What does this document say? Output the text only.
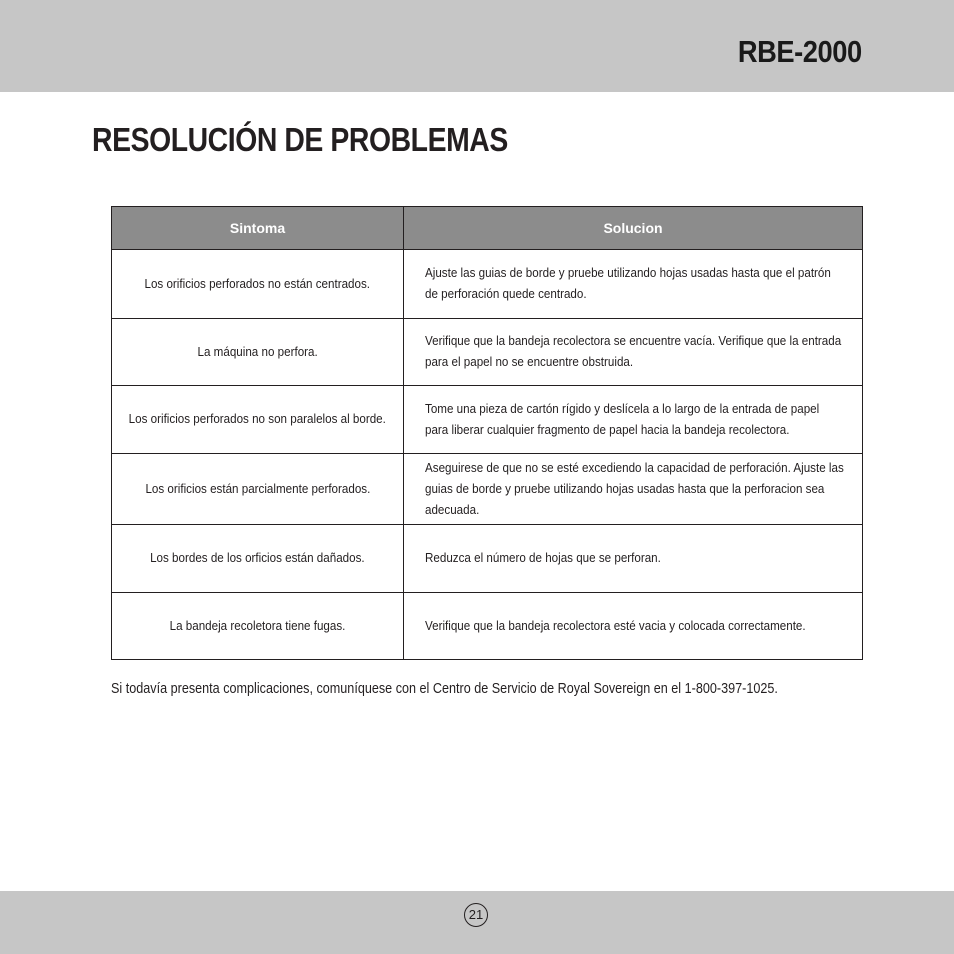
RBE-2000
RESOLUCIÓN DE PROBLEMAS
Sintoma	Solucion
Los orificios perforados no están centrados.	Ajuste las guias de borde y pruebe utilizando hojas usadas hasta que el patrón de perforación quede centrado.
La máquina no perfora.	Verifique que la bandeja recolectora se encuentre vacía. Verifique que la entrada para el papel no se encuentre obstruida.
Los orificios perforados no son paralelos al borde.	Tome una pieza de cartón rígido y deslícela a lo largo de la entrada de papel para liberar cualquier fragmento de papel hacia la bandeja recolectora.
Los orificios están parcialmente perforados.	Aseguirese de que no se esté excediendo la capacidad de perforación. Ajuste las guias de borde y pruebe utilizando hojas usadas hasta que la perforacion sea adecuada.
Los bordes de los orficios están dañados.	Reduzca el número de hojas que se perforan.
La bandeja recoletora tiene fugas.	Verifique que la bandeja recolectora esté vacia y colocada correctamente.
Si todavía presenta complicaciones, comuníquese con el Centro de Servicio de Royal Sovereign en el 1-800-397-1025.
21
